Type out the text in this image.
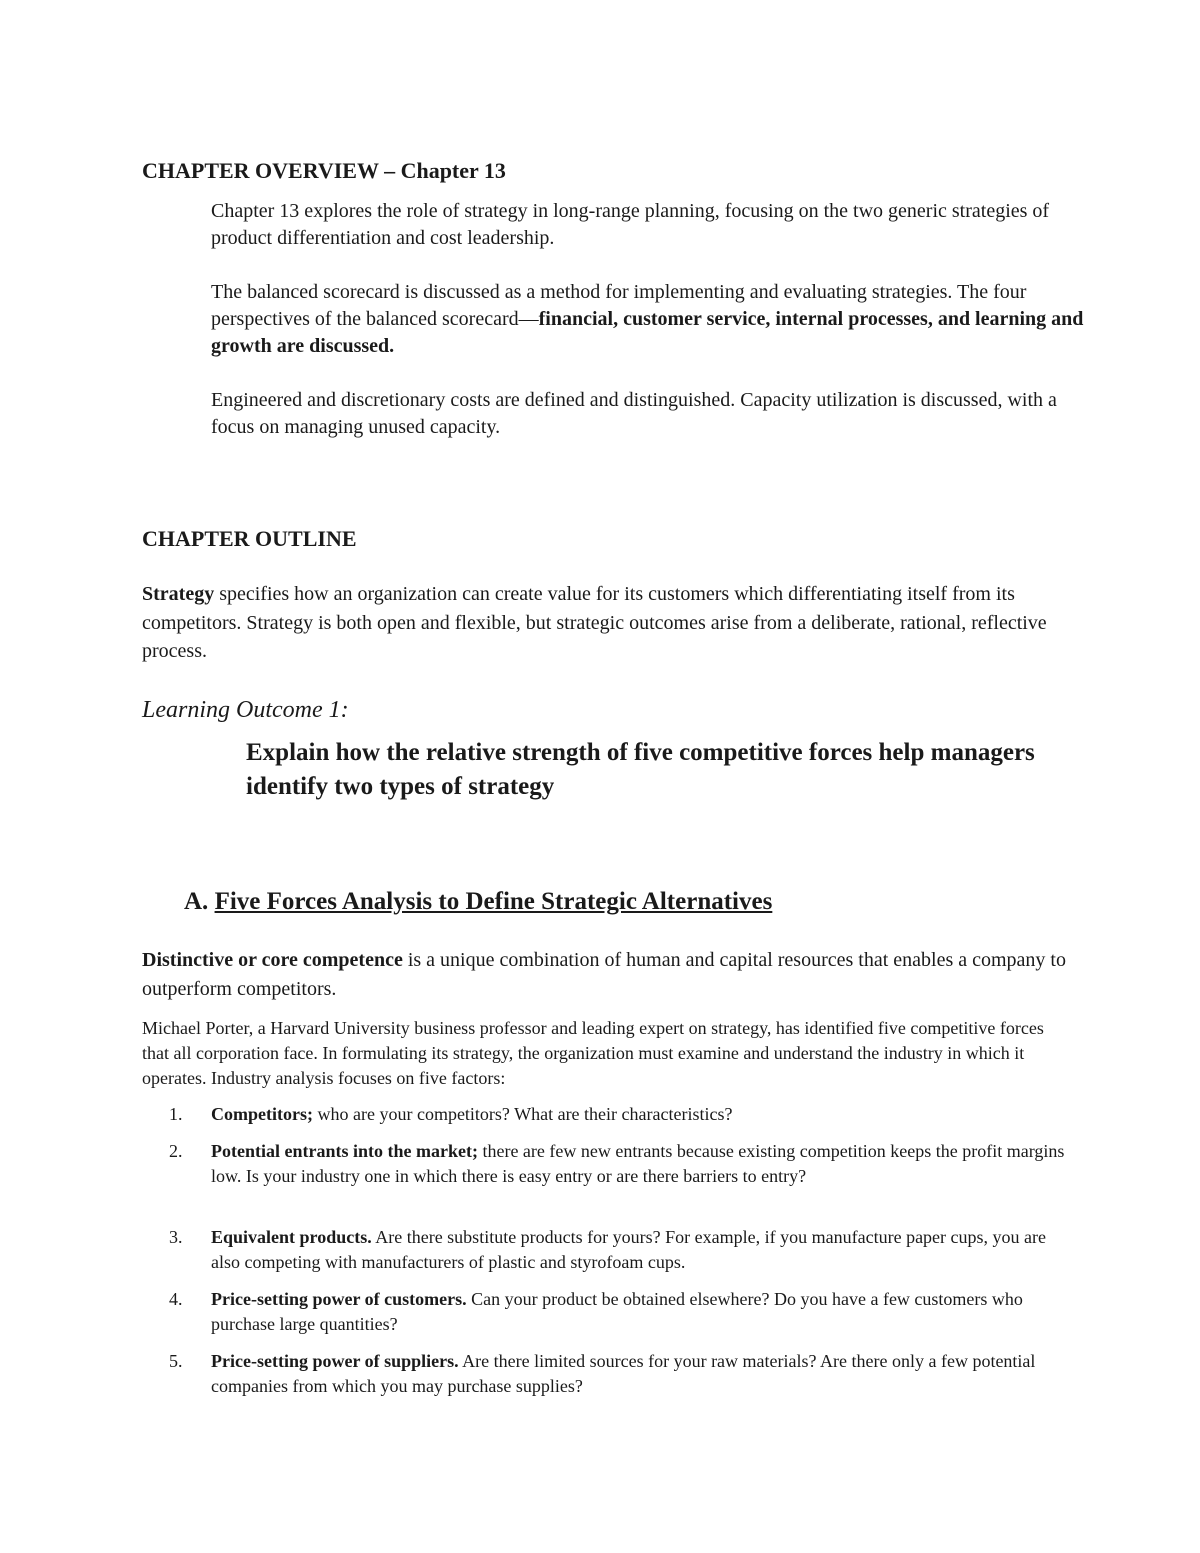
CHAPTER OVERVIEW – Chapter 13

Chapter 13 explores the role of strategy in long-range planning, focusing on the two generic strategies of product differentiation and cost leadership.

The balanced scorecard is discussed as a method for implementing and evaluating strategies. The four perspectives of the balanced scorecard—financial, customer service, internal processes, and learning and growth are discussed.

Engineered and discretionary costs are defined and distinguished. Capacity utilization is discussed, with a focus on managing unused capacity.

CHAPTER OUTLINE

Strategy specifies how an organization can create value for its customers which differentiating itself from its competitors. Strategy is both open and flexible, but strategic outcomes arise from a deliberate, rational, reflective process.

Learning Outcome 1:

Explain how the relative strength of five competitive forces help managers identify two types of strategy

A. Five Forces Analysis to Define Strategic Alternatives

Distinctive or core competence is a unique combination of human and capital resources that enables a company to outperform competitors.

Michael Porter, a Harvard University business professor and leading expert on strategy, has identified five competitive forces that all corporation face. In formulating its strategy, the organization must examine and understand the industry in which it operates. Industry analysis focuses on five factors:

1. Competitors; who are your competitors? What are their characteristics?
2. Potential entrants into the market; there are few new entrants because existing competition keeps the profit margins low. Is your industry one in which there is easy entry or are there barriers to entry?
3. Equivalent products. Are there substitute products for yours? For example, if you manufacture paper cups, you are also competing with manufacturers of plastic and styrofoam cups.
4. Price-setting power of customers. Can your product be obtained elsewhere? Do you have a few customers who purchase large quantities?
5. Price-setting power of suppliers. Are there limited sources for your raw materials? Are there only a few potential companies from which you may purchase supplies?
